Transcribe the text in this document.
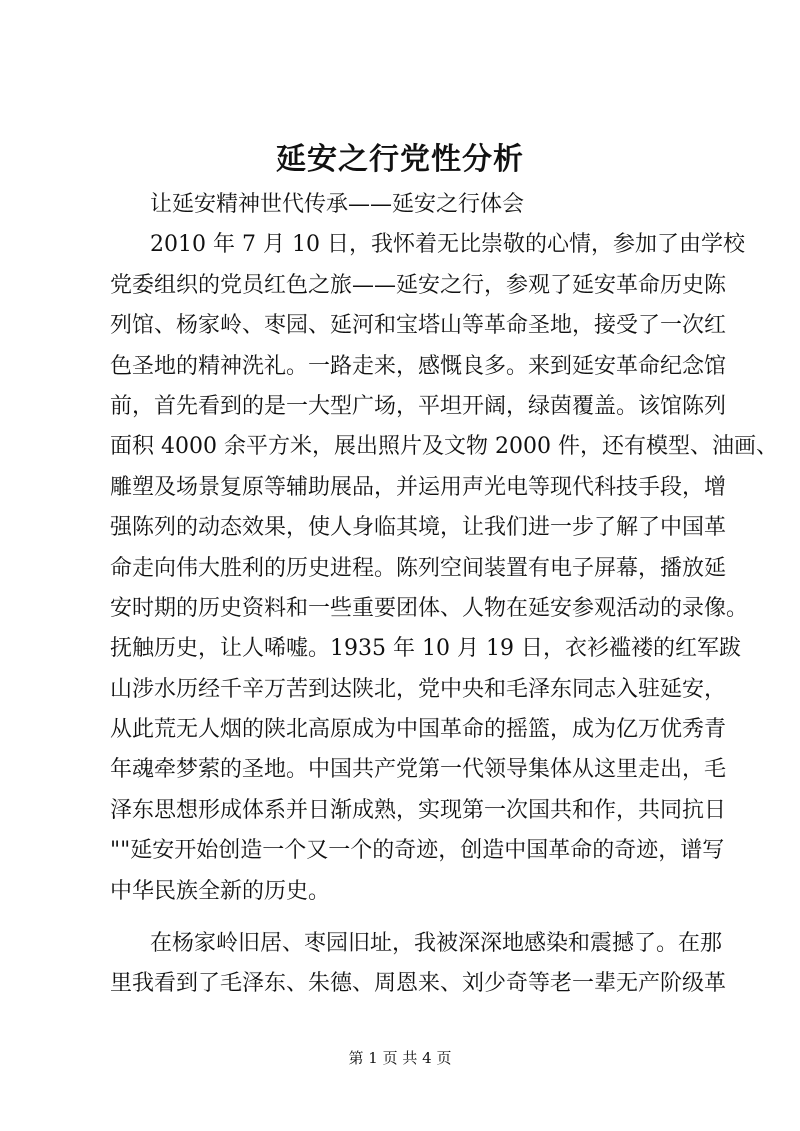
延安之行党性分析
让延安精神世代传承——延安之行体会
2010 年 7 月 10 日，我怀着无比崇敬的心情，参加了由学校
党委组织的党员红色之旅——延安之行，参观了延安革命历史陈
列馆、杨家岭、枣园、延河和宝塔山等革命圣地，接受了一次红
色圣地的精神洗礼。一路走来，感慨良多。来到延安革命纪念馆
前，首先看到的是一大型广场，平坦开阔，绿茵覆盖。该馆陈列
面积 4000 余平方米，展出照片及文物 2000 件，还有模型、油画、
雕塑及场景复原等辅助展品，并运用声光电等现代科技手段，增
强陈列的动态效果，使人身临其境，让我们进一步了解了中国革
命走向伟大胜利的历史进程。陈列空间装置有电子屏幕，播放延
安时期的历史资料和一些重要团体、人物在延安参观活动的录像。
抚触历史，让人唏嘘。1935 年 10 月 19 日，衣衫褴褛的红军跋
山涉水历经千辛万苦到达陕北，党中央和毛泽东同志入驻延安，
从此荒无人烟的陕北高原成为中国革命的摇篮，成为亿万优秀青
年魂牵梦萦的圣地。中国共产党第一代领导集体从这里走出，毛
泽东思想形成体系并日渐成熟，实现第一次国共和作，共同抗日
""延安开始创造一个又一个的奇迹，创造中国革命的奇迹，谱写
中华民族全新的历史。
在杨家岭旧居、枣园旧址，我被深深地感染和震撼了。在那
里我看到了毛泽东、朱德、周恩来、刘少奇等老一辈无产阶级革
第 1 页 共 4 页
